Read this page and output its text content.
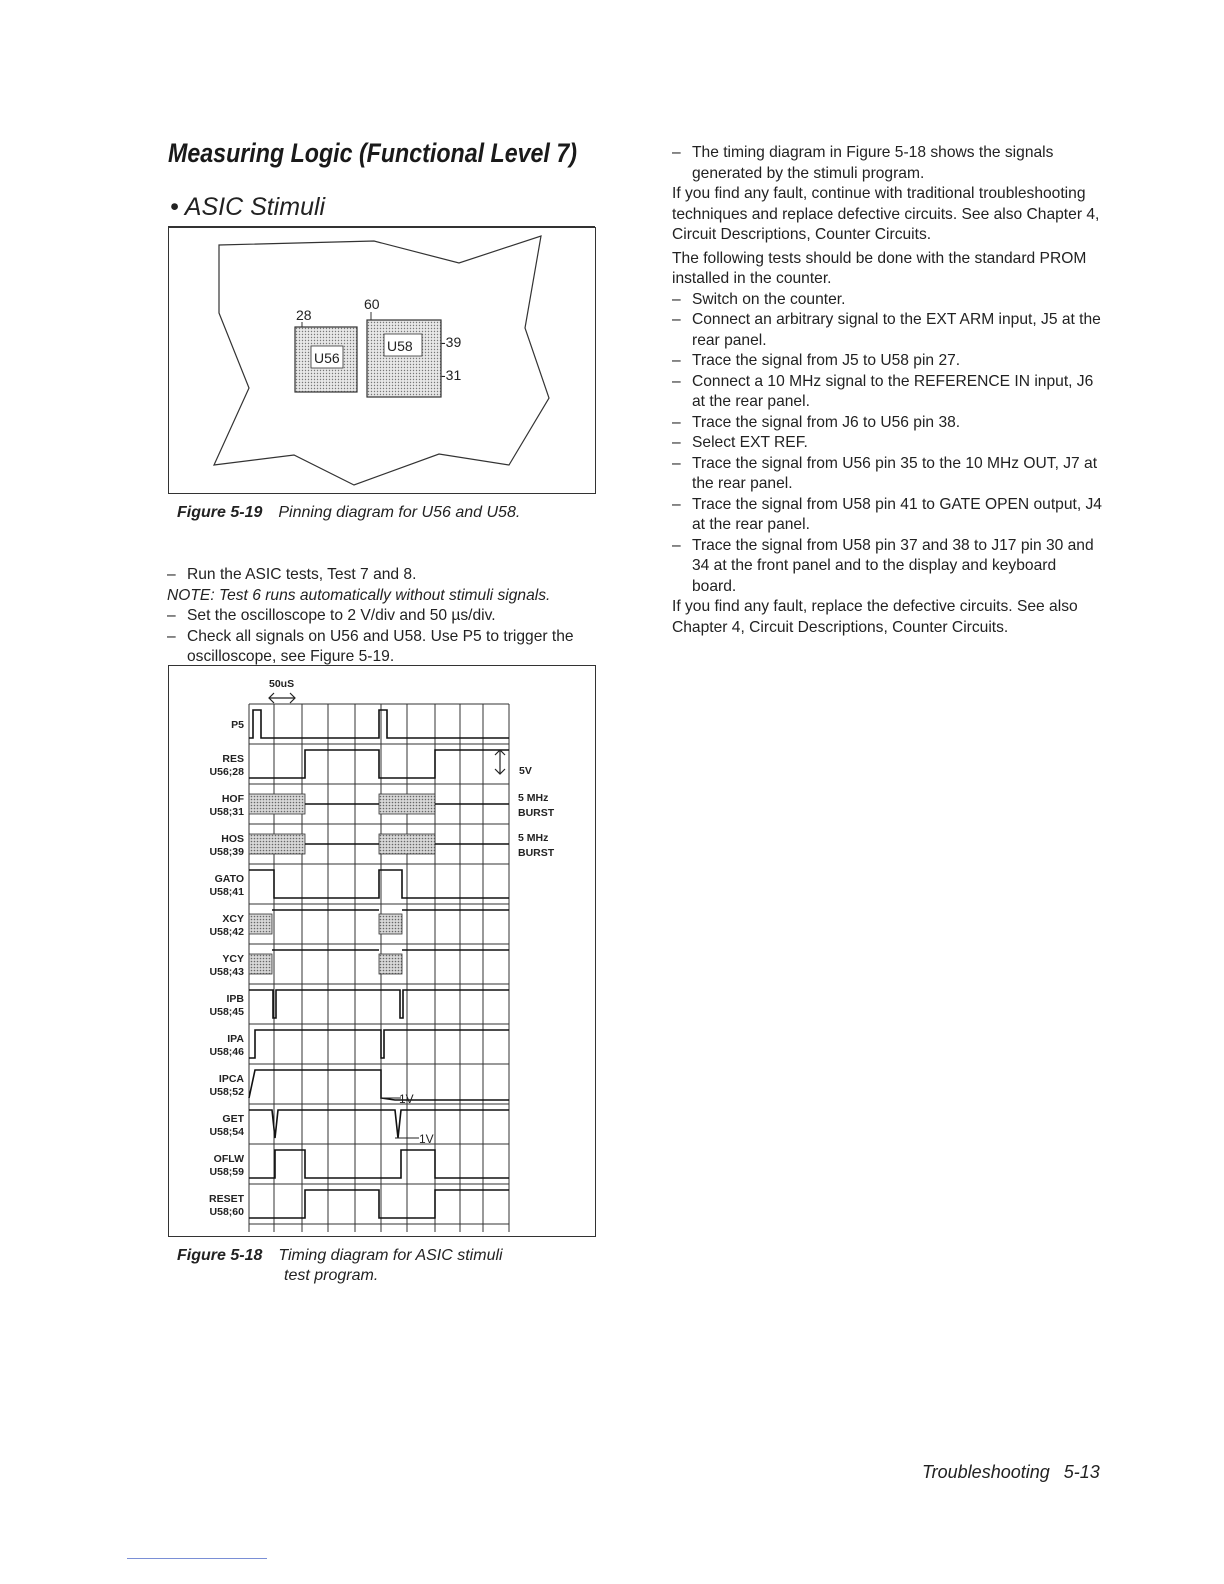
Measuring Logic (Functional Level 7)
• ASIC Stimuli
U56
U58
28
60
-39
-31
Figure 5-19 Pinning diagram for U56 and U58.
– Run the ASIC tests, Test 7 and 8.
NOTE: Test 6 runs automatically without stimuli signals.
– Set the oscilloscope to 2 V/div and 50 µs/div.
– Check all signals on U56 and U58. Use P5 to trigger the oscilloscope, see Figure 5-19.
P5
RES
U56;28
HOF
U58;31
HOS
U58;39
GATO
U58;41
XCY
U58;42
YCY
U58;43
IPB
U58;45
IPA
U58;46
IPCA
U58;52
GET
U58;54
OFLW
U58;59
RESET
U58;60
50uS
5V
5 MHz
BURST
5 MHz
BURST
1V
1V
Figure 5-18 Timing diagram for ASIC stimuli
test program.
– The timing diagram in Figure 5-18 shows the signals generated by the stimuli program.
If you find any fault, continue with traditional troubleshooting techniques and replace defective circuits. See also Chapter 4, Circuit Descriptions, Counter Circuits.
The following tests should be done with the standard PROM installed in the counter.
– Switch on the counter.
– Connect an arbitrary signal to the EXT ARM input, J5 at the rear panel.
– Trace the signal from J5 to U58 pin 27.
– Connect a 10 MHz signal to the REFERENCE IN input, J6 at the rear panel.
– Trace the signal from J6 to U56 pin 38.
– Select EXT REF.
– Trace the signal from U56 pin 35 to the 10 MHz OUT, J7 at the rear panel.
– Trace the signal from U58 pin 41 to GATE OPEN output, J4 at the rear panel.
– Trace the signal from U58 pin 37 and 38 to J17 pin 30 and 34 at the front panel and to the display and keyboard board.
If you find any fault, replace the defective circuits. See also Chapter 4, Circuit Descriptions, Counter Circuits.
Troubleshooting 5-13
